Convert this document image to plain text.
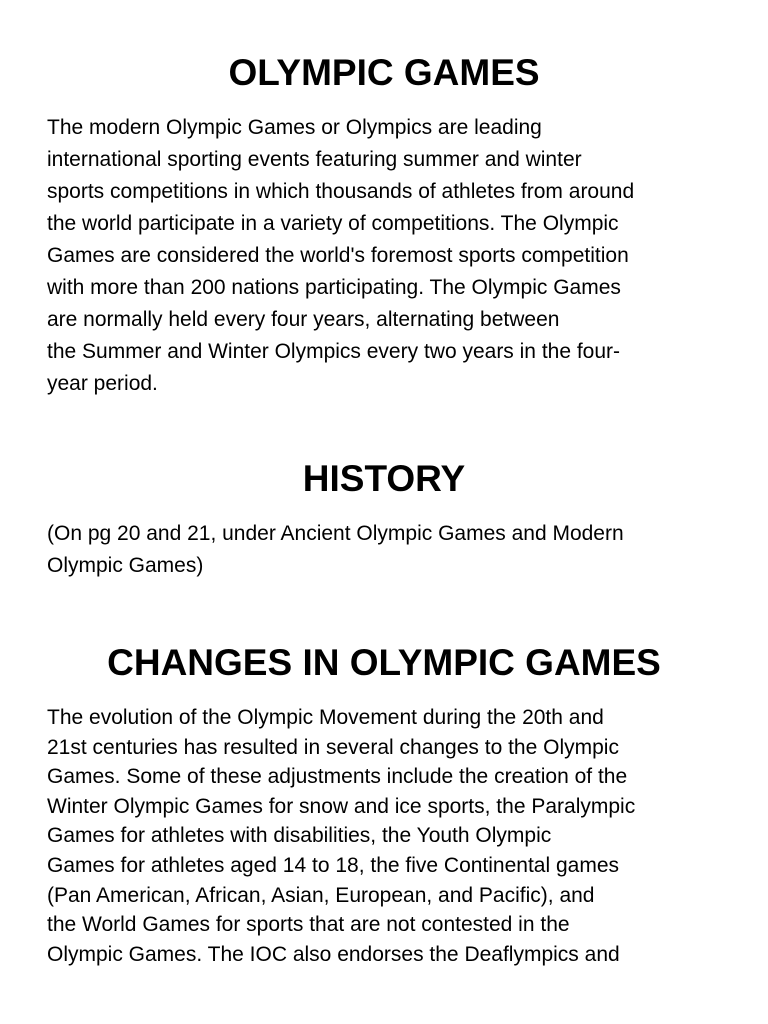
OLYMPIC GAMES
The modern Olympic Games or Olympics are leading
international sporting events featuring summer and winter
sports competitions in which thousands of athletes from around
the world participate in a variety of competitions. The Olympic
Games are considered the world's foremost sports competition
with more than 200 nations participating. The Olympic Games
are normally held every four years, alternating between
the Summer and Winter Olympics every two years in the four-
year period.
HISTORY
(On pg 20 and 21, under Ancient Olympic Games and Modern
Olympic Games)
CHANGES IN OLYMPIC GAMES
The evolution of the Olympic Movement during the 20th and
21st centuries has resulted in several changes to the Olympic
Games. Some of these adjustments include the creation of the
Winter Olympic Games for snow and ice sports, the Paralympic
Games for athletes with disabilities, the Youth Olympic
Games for athletes aged 14 to 18, the five Continental games
(Pan American, African, Asian, European, and Pacific), and
the World Games for sports that are not contested in the
Olympic Games. The IOC also endorses the Deaflympics and
